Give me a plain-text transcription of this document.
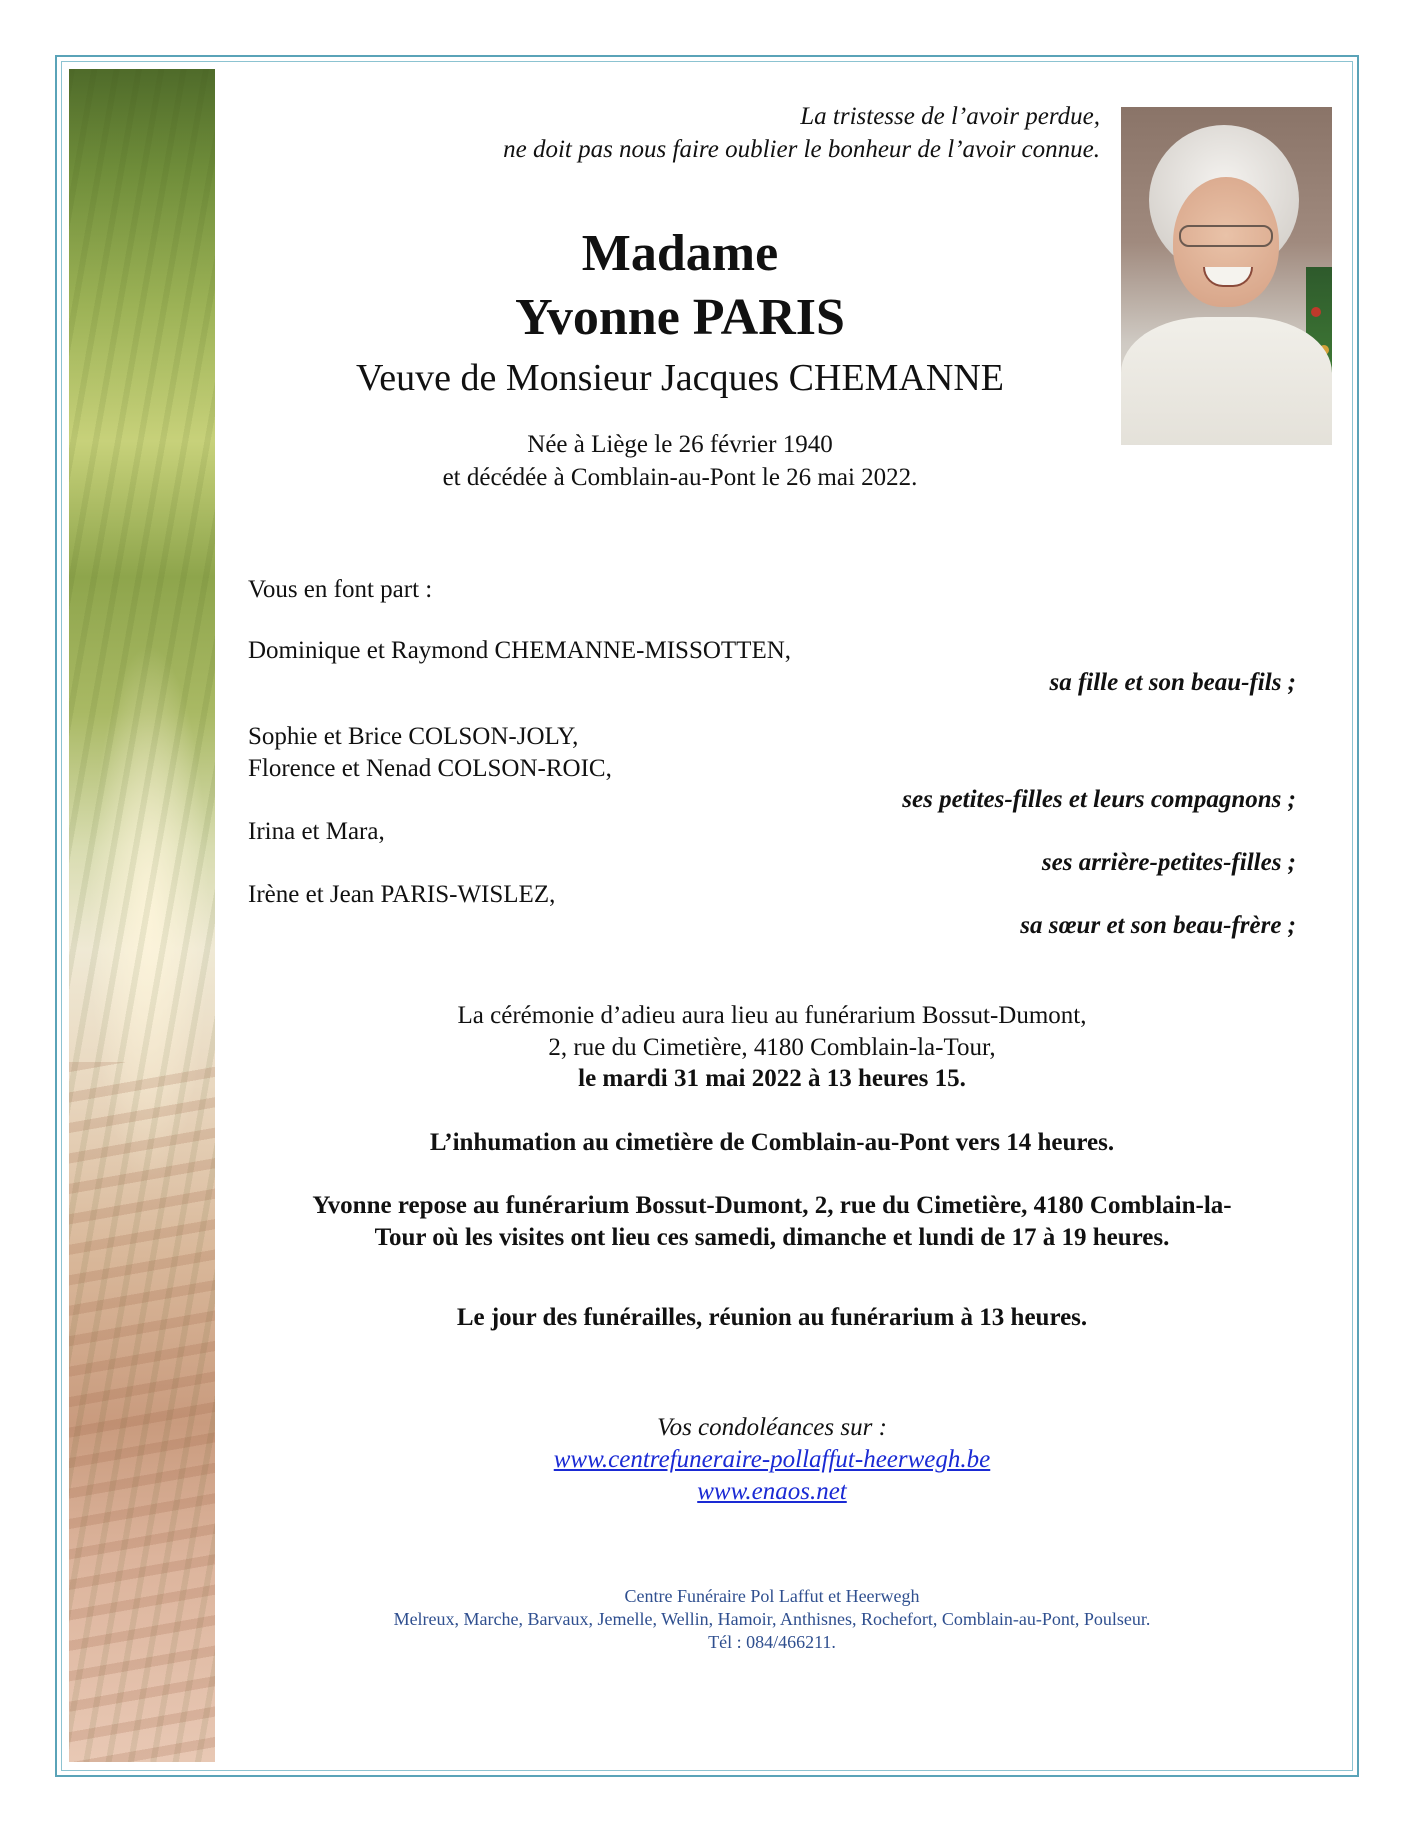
La tristesse de l’avoir perdue,
ne doit pas nous faire oublier le bonheur de l’avoir connue.
Madame
Yvonne PARIS
Veuve de Monsieur Jacques CHEMANNE
Née à Liège le 26 février 1940
et décédée à Comblain-au-Pont le 26 mai 2022.
Vous en font part :
Dominique et Raymond CHEMANNE-MISSOTTEN,
sa fille et son beau-fils ;
Sophie et Brice COLSON-JOLY,
Florence et Nenad COLSON-ROIC,
ses petites-filles et leurs compagnons ;
Irina et Mara,
ses arrière-petites-filles ;
Irène et Jean PARIS-WISLEZ,
sa sœur et son beau-frère ;
La cérémonie d’adieu aura lieu au funérarium Bossut-Dumont,
2, rue du Cimetière, 4180 Comblain-la-Tour,
le mardi 31 mai 2022 à 13 heures 15.
L’inhumation au cimetière de Comblain-au-Pont vers 14 heures.
Yvonne repose au funérarium Bossut-Dumont, 2, rue du Cimetière, 4180 Comblain-la-
Tour où les visites ont lieu ces samedi, dimanche et lundi de 17 à 19 heures.
Le jour des funérailles, réunion au funérarium à 13 heures.
Vos condoléances sur :
www.centrefuneraire-pollaffut-heerwegh.be
www.enaos.net
Centre Funéraire Pol Laffut et Heerwegh
Melreux, Marche, Barvaux, Jemelle, Wellin, Hamoir, Anthisnes, Rochefort, Comblain-au-Pont, Poulseur.
Tél : 084/466211.
